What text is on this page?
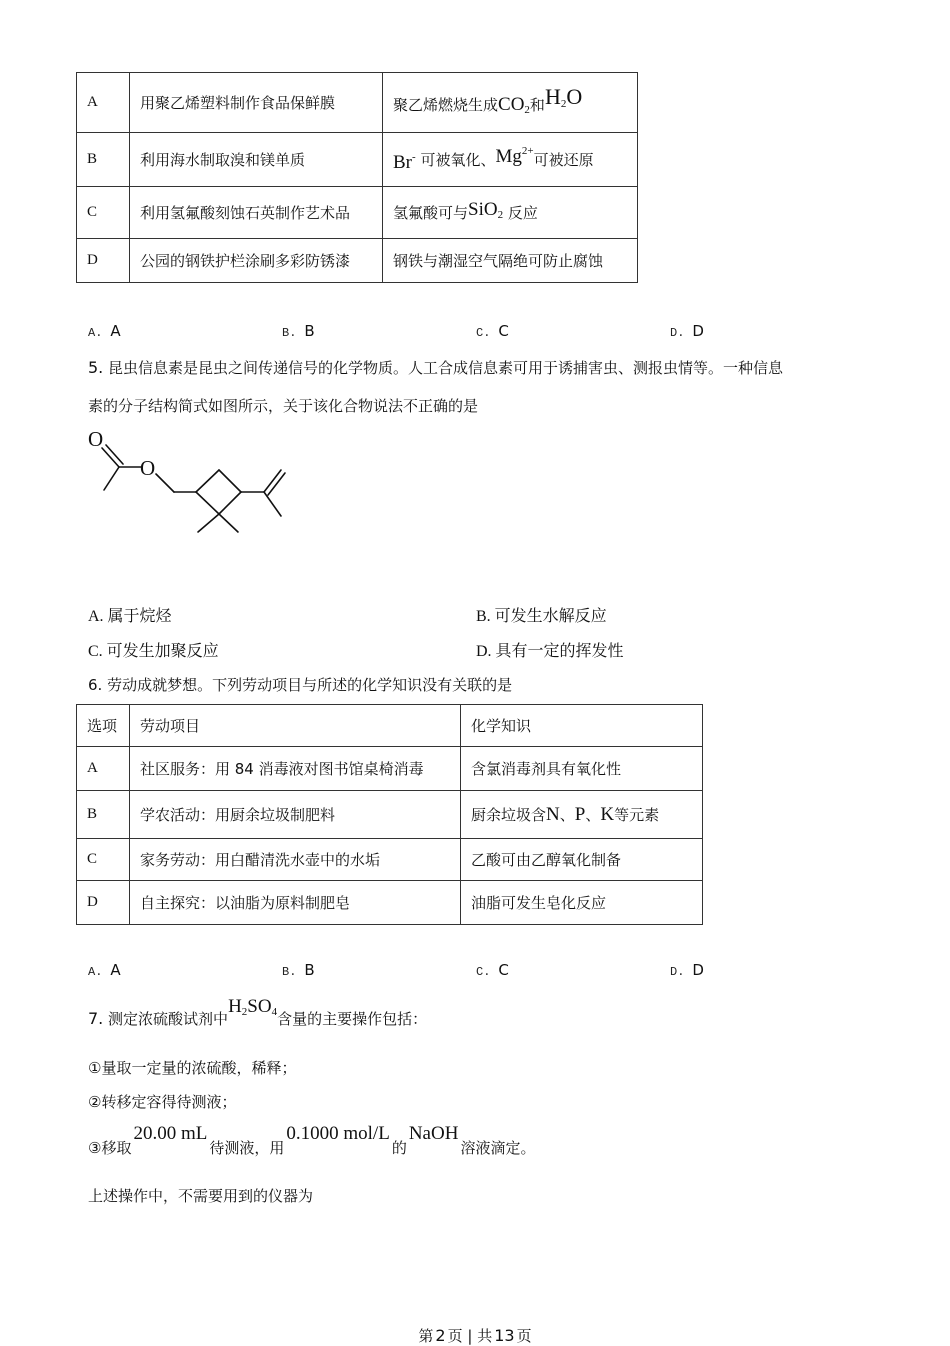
A	用聚乙烯塑料制作食品保鲜膜	聚乙烯燃烧生成$CO_2$和$H_2O$
B	利用海水制取溴和镁单质	Br- 可被氧化、$Mg^{2+}$可被还原
C	利用氢氟酸刻蚀石英制作艺术品	氢氟酸可与SiO$_2$ 反应
D	公园的钢铁护栏涂刷多彩防锈漆	钢铁与潮湿空气隔绝可防止腐蚀
A. A	B. B	C. C	D. D
5. 昆虫信息素是昆虫之间传递信号的化学物质。人工合成信息素可用于诱捕害虫、测报虫情等。一种信息
素的分子结构简式如图所示，关于该化合物说法不正确的是
O
O
A. 属于烷烃	B. 可发生水解反应
C. 可发生加聚反应	D. 具有一定的挥发性
6. 劳动成就梦想。下列劳动项目与所述的化学知识没有关联的是
选项	劳动项目	化学知识
A	社区服务：用 84 消毒液对图书馆桌椅消毒	含氯消毒剂具有氧化性
B	学农活动：用厨余垃圾制肥料	厨余垃圾含N、P、K等元素
C	家务劳动：用白醋清洗水壶中的水垢	乙酸可由乙醇氧化制备
D	自主探究：以油脂为原料制肥皂	油脂可发生皂化反应
A. A	B. B	C. C	D. D
7. 测定浓硫酸试剂中$H_2SO_4$含量的主要操作包括：
①量取一定量的浓硫酸，稀释；
②转移定容得待测液；
③移取20.00 mL待测液，用0.1000 mol/L的NaOH溶液滴定。
上述操作中，不需要用到的仪器为
第 2 页 | 共 13 页
